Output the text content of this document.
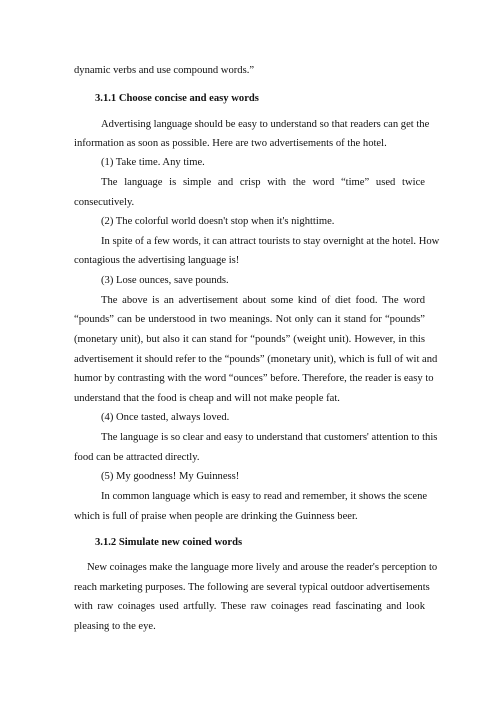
dynamic verbs and use compound words.”

3.1.1 Choose concise and easy words

Advertising language should be easy to understand so that readers can get the

information as soon as possible. Here are two advertisements of the hotel.

(1) Take time. Any time.

The language is simple and crisp with the word “time” used twice

consecutively.

(2) The colorful world doesn't stop when it's nighttime.

In spite of a few words, it can attract tourists to stay overnight at the hotel. How

contagious the advertising language is!

(3) Lose ounces, save pounds.

The above is an advertisement about some kind of diet food. The word

“pounds” can be understood in two meanings. Not only can it stand for “pounds”

(monetary unit), but also it can stand for “pounds” (weight unit). However, in this

advertisement it should refer to the “pounds” (monetary unit), which is full of wit and

humor by contrasting with the word “ounces” before. Therefore, the reader is easy to

understand that the food is cheap and will not make people fat.

(4) Once tasted, always loved.

The language is so clear and easy to understand that customers' attention to this

food can be attracted directly.

(5) My goodness! My Guinness!

In common language which is easy to read and remember, it shows the scene

which is full of praise when people are drinking the Guinness beer.

3.1.2 Simulate new coined words

New coinages make the language more lively and arouse the reader's perception to

reach marketing purposes. The following are several typical outdoor advertisements

with raw coinages used artfully. These raw coinages read fascinating and look

pleasing to the eye.
